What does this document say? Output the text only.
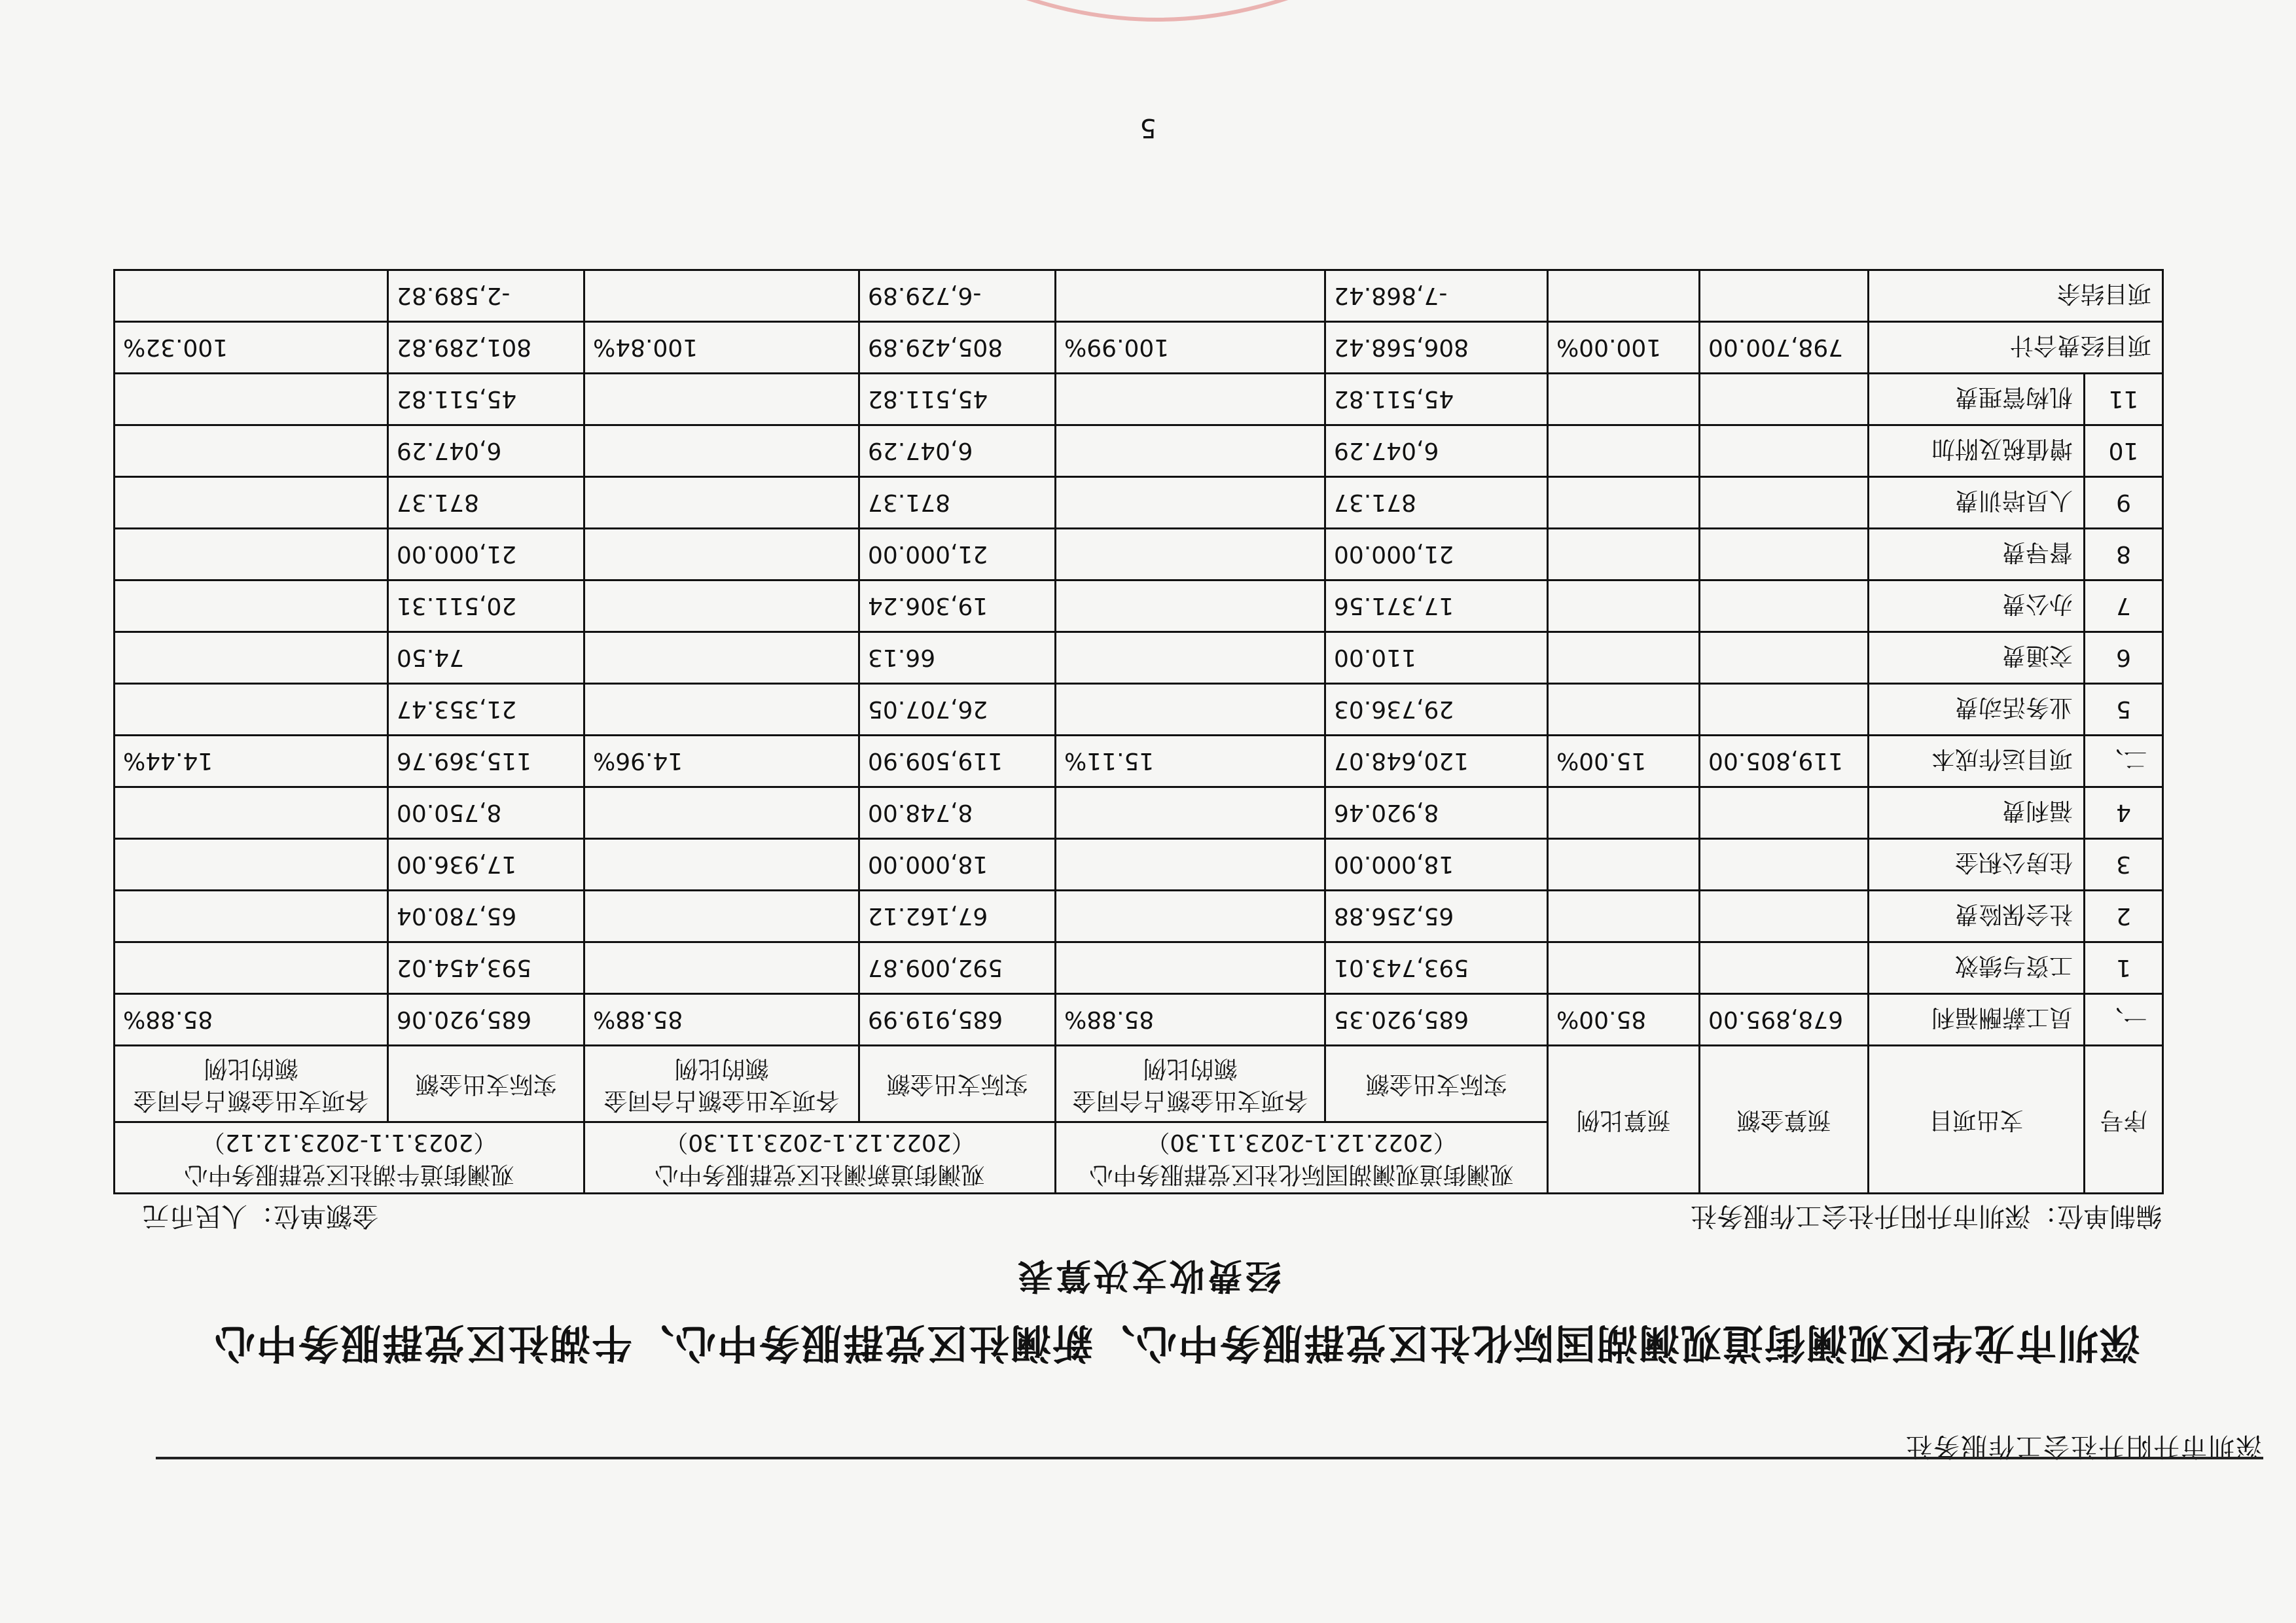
深圳市升阳升社会工作服务社
深圳市龙华区观澜街道观澜湖国际化社区党群服务中心、新澜社区党群服务中心、牛湖社区党群服务中心
经费收支决算表
编制单位：深圳市升阳升社会工作服务社
金额单位：人民币元
序号	支出项目	预算金额	预算比例	观澜街道观澜湖国际化社区党群服务中心（2022.12.1-2023.11.30）		观澜街道新澜社区党群服务中心（2022.12.1-2023.11.30）		观澜街道牛湖社区党群服务中心（2023.1.1-2023.12.12）	
				实际支出金额	各项支出金额占合同金额的比例	实际支出金额	各项支出金额占合同金额的比例	实际支出金额	各项支出金额占合同金额的比例
一、	员工薪酬福利	678,895.00	85.00%	685,920.35	85.88%	685,919.99	85.88%	685,920.06	85.88%
1	工资与绩效			593,743.01		592,009.87		593,454.02	
2	社会保险费			65,256.88		67,162.12		65,780.04	
3	住房公积金			18,000.00		18,000.00		17,936.00	
4	福利费			8,920.46		8,748.00		8,750.00	
二、	项目运作成本	119,805.00	15.00%	120,648.07	15.11%	119,509.90	14.96%	115,369.76	14.44%
5	业务活动费			29,736.03		26,707.05		21,353.47	
6	交通费			110.00		66.13		74.50	
7	办公费			17,371.56		19,306.24		20,511.31	
8	督导费			21,000.00		21,000.00		21,000.00	
9	人员培训费			871.37		871.37		871.37	
10	增值税及附加			6,047.29		6,047.29		6,047.29	
11	机构管理费			45,511.82		45,511.82		45,511.82	
项目经费合计		798,700.00	100.00%	806,568.42	100.99%	805,429.89	100.84%	801,289.82	100.32%
项目结余				-7,868.42		-6,729.89		-2,589.82	
5
